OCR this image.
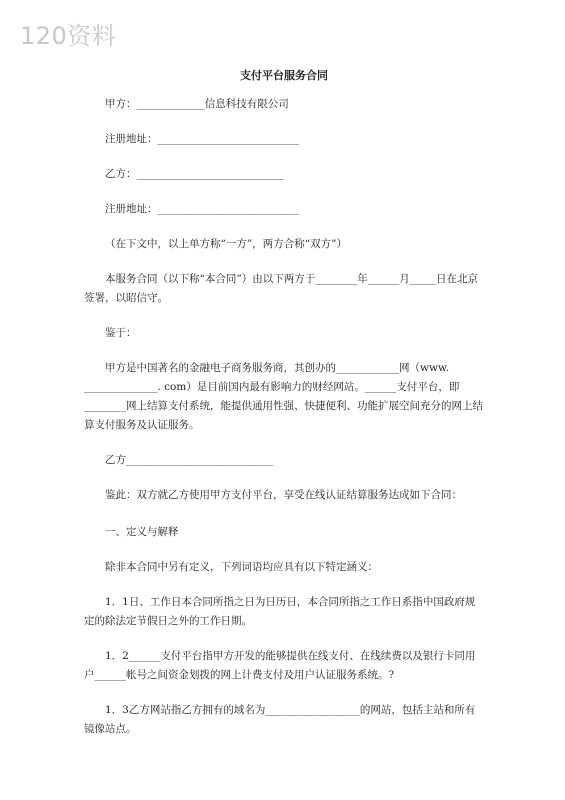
120资料

支付平台服务合同

甲方：_____________信息科技有限公司

注册地址：___________________________

乙方：____________________________

注册地址：___________________________

（在下文中，以上单方称“一方”，两方合称“双方”）

本服务合同（以下称“本合同”）由以下两方于________年______月_____日在北京签署，以昭信守。

鉴于：

甲方是中国著名的金融电子商务服务商，其创办的____________网（www. ______________. com）是目前国内最有影响力的财经网站。______支付平台，即________网上结算支付系统，能提供通用性强、快捷便利、功能扩展空间充分的网上结算支付服务及认证服务。

乙方____________________________

鉴此：双方就乙方使用甲方支付平台，享受在线认证结算服务达成如下合同：

一、定义与解释

除非本合同中另有定义，下列词语均应具有以下特定涵义：

1．1日、工作日本合同所指之日为日历日，本合同所指之工作日系指中国政府规定的除法定节假日之外的工作日期。

1．2______支付平台指甲方开发的能够提供在线支付、在线续费以及银行卡同用户______帐号之间资金划拨的网上计费支付及用户认证服务系统。?

1．3乙方网站指乙方拥有的域名为__________________的网站，包括主站和所有镜像站点。
